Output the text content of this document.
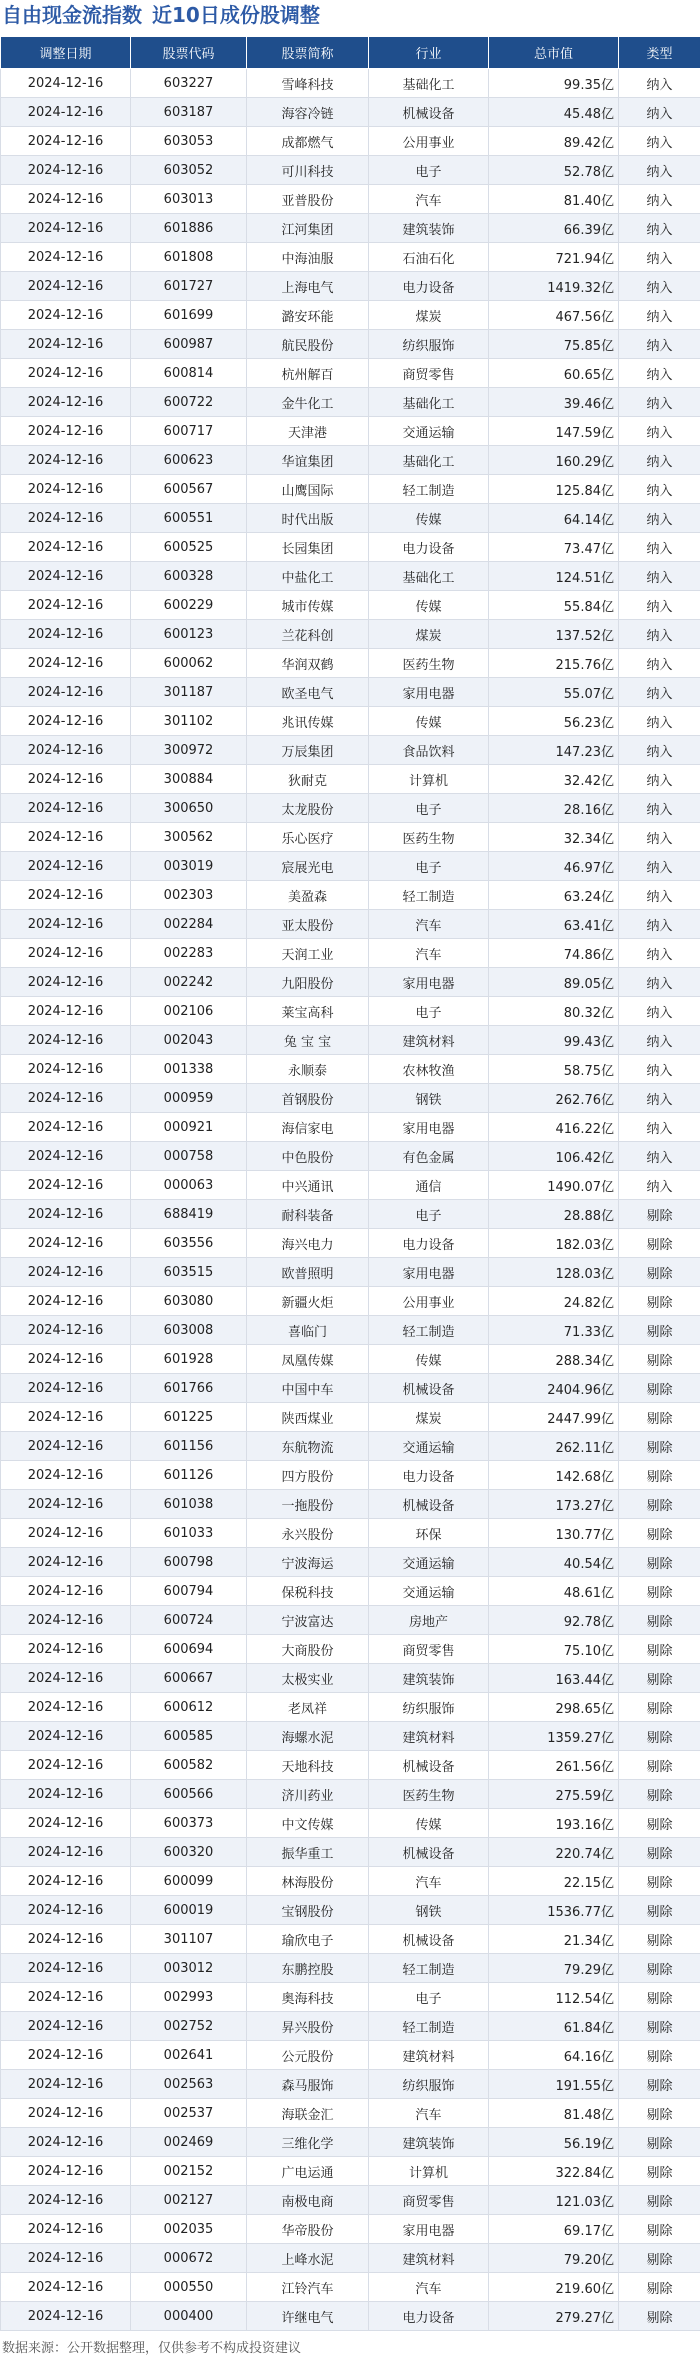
自由现金流指数 近10日成份股调整
调整日期	股票代码	股票简称	行业	总市值	类型
2024-12-16	603227	雪峰科技	基础化工	99.35亿	纳入
2024-12-16	603187	海容冷链	机械设备	45.48亿	纳入
2024-12-16	603053	成都燃气	公用事业	89.42亿	纳入
2024-12-16	603052	可川科技	电子	52.78亿	纳入
2024-12-16	603013	亚普股份	汽车	81.40亿	纳入
2024-12-16	601886	江河集团	建筑装饰	66.39亿	纳入
2024-12-16	601808	中海油服	石油石化	721.94亿	纳入
2024-12-16	601727	上海电气	电力设备	1419.32亿	纳入
2024-12-16	601699	潞安环能	煤炭	467.56亿	纳入
2024-12-16	600987	航民股份	纺织服饰	75.85亿	纳入
2024-12-16	600814	杭州解百	商贸零售	60.65亿	纳入
2024-12-16	600722	金牛化工	基础化工	39.46亿	纳入
2024-12-16	600717	天津港	交通运输	147.59亿	纳入
2024-12-16	600623	华谊集团	基础化工	160.29亿	纳入
2024-12-16	600567	山鹰国际	轻工制造	125.84亿	纳入
2024-12-16	600551	时代出版	传媒	64.14亿	纳入
2024-12-16	600525	长园集团	电力设备	73.47亿	纳入
2024-12-16	600328	中盐化工	基础化工	124.51亿	纳入
2024-12-16	600229	城市传媒	传媒	55.84亿	纳入
2024-12-16	600123	兰花科创	煤炭	137.52亿	纳入
2024-12-16	600062	华润双鹤	医药生物	215.76亿	纳入
2024-12-16	301187	欧圣电气	家用电器	55.07亿	纳入
2024-12-16	301102	兆讯传媒	传媒	56.23亿	纳入
2024-12-16	300972	万辰集团	食品饮料	147.23亿	纳入
2024-12-16	300884	狄耐克	计算机	32.42亿	纳入
2024-12-16	300650	太龙股份	电子	28.16亿	纳入
2024-12-16	300562	乐心医疗	医药生物	32.34亿	纳入
2024-12-16	003019	宸展光电	电子	46.97亿	纳入
2024-12-16	002303	美盈森	轻工制造	63.24亿	纳入
2024-12-16	002284	亚太股份	汽车	63.41亿	纳入
2024-12-16	002283	天润工业	汽车	74.86亿	纳入
2024-12-16	002242	九阳股份	家用电器	89.05亿	纳入
2024-12-16	002106	莱宝高科	电子	80.32亿	纳入
2024-12-16	002043	兔 宝 宝	建筑材料	99.43亿	纳入
2024-12-16	001338	永顺泰	农林牧渔	58.75亿	纳入
2024-12-16	000959	首钢股份	钢铁	262.76亿	纳入
2024-12-16	000921	海信家电	家用电器	416.22亿	纳入
2024-12-16	000758	中色股份	有色金属	106.42亿	纳入
2024-12-16	000063	中兴通讯	通信	1490.07亿	纳入
2024-12-16	688419	耐科装备	电子	28.88亿	剔除
2024-12-16	603556	海兴电力	电力设备	182.03亿	剔除
2024-12-16	603515	欧普照明	家用电器	128.03亿	剔除
2024-12-16	603080	新疆火炬	公用事业	24.82亿	剔除
2024-12-16	603008	喜临门	轻工制造	71.33亿	剔除
2024-12-16	601928	凤凰传媒	传媒	288.34亿	剔除
2024-12-16	601766	中国中车	机械设备	2404.96亿	剔除
2024-12-16	601225	陕西煤业	煤炭	2447.99亿	剔除
2024-12-16	601156	东航物流	交通运输	262.11亿	剔除
2024-12-16	601126	四方股份	电力设备	142.68亿	剔除
2024-12-16	601038	一拖股份	机械设备	173.27亿	剔除
2024-12-16	601033	永兴股份	环保	130.77亿	剔除
2024-12-16	600798	宁波海运	交通运输	40.54亿	剔除
2024-12-16	600794	保税科技	交通运输	48.61亿	剔除
2024-12-16	600724	宁波富达	房地产	92.78亿	剔除
2024-12-16	600694	大商股份	商贸零售	75.10亿	剔除
2024-12-16	600667	太极实业	建筑装饰	163.44亿	剔除
2024-12-16	600612	老凤祥	纺织服饰	298.65亿	剔除
2024-12-16	600585	海螺水泥	建筑材料	1359.27亿	剔除
2024-12-16	600582	天地科技	机械设备	261.56亿	剔除
2024-12-16	600566	济川药业	医药生物	275.59亿	剔除
2024-12-16	600373	中文传媒	传媒	193.16亿	剔除
2024-12-16	600320	振华重工	机械设备	220.74亿	剔除
2024-12-16	600099	林海股份	汽车	22.15亿	剔除
2024-12-16	600019	宝钢股份	钢铁	1536.77亿	剔除
2024-12-16	301107	瑜欣电子	机械设备	21.34亿	剔除
2024-12-16	003012	东鹏控股	轻工制造	79.29亿	剔除
2024-12-16	002993	奥海科技	电子	112.54亿	剔除
2024-12-16	002752	昇兴股份	轻工制造	61.84亿	剔除
2024-12-16	002641	公元股份	建筑材料	64.16亿	剔除
2024-12-16	002563	森马服饰	纺织服饰	191.55亿	剔除
2024-12-16	002537	海联金汇	汽车	81.48亿	剔除
2024-12-16	002469	三维化学	建筑装饰	56.19亿	剔除
2024-12-16	002152	广电运通	计算机	322.84亿	剔除
2024-12-16	002127	南极电商	商贸零售	121.03亿	剔除
2024-12-16	002035	华帝股份	家用电器	69.17亿	剔除
2024-12-16	000672	上峰水泥	建筑材料	79.20亿	剔除
2024-12-16	000550	江铃汽车	汽车	219.60亿	剔除
2024-12-16	000400	许继电气	电力设备	279.27亿	剔除
数据来源：公开数据整理，仅供参考不构成投资建议
